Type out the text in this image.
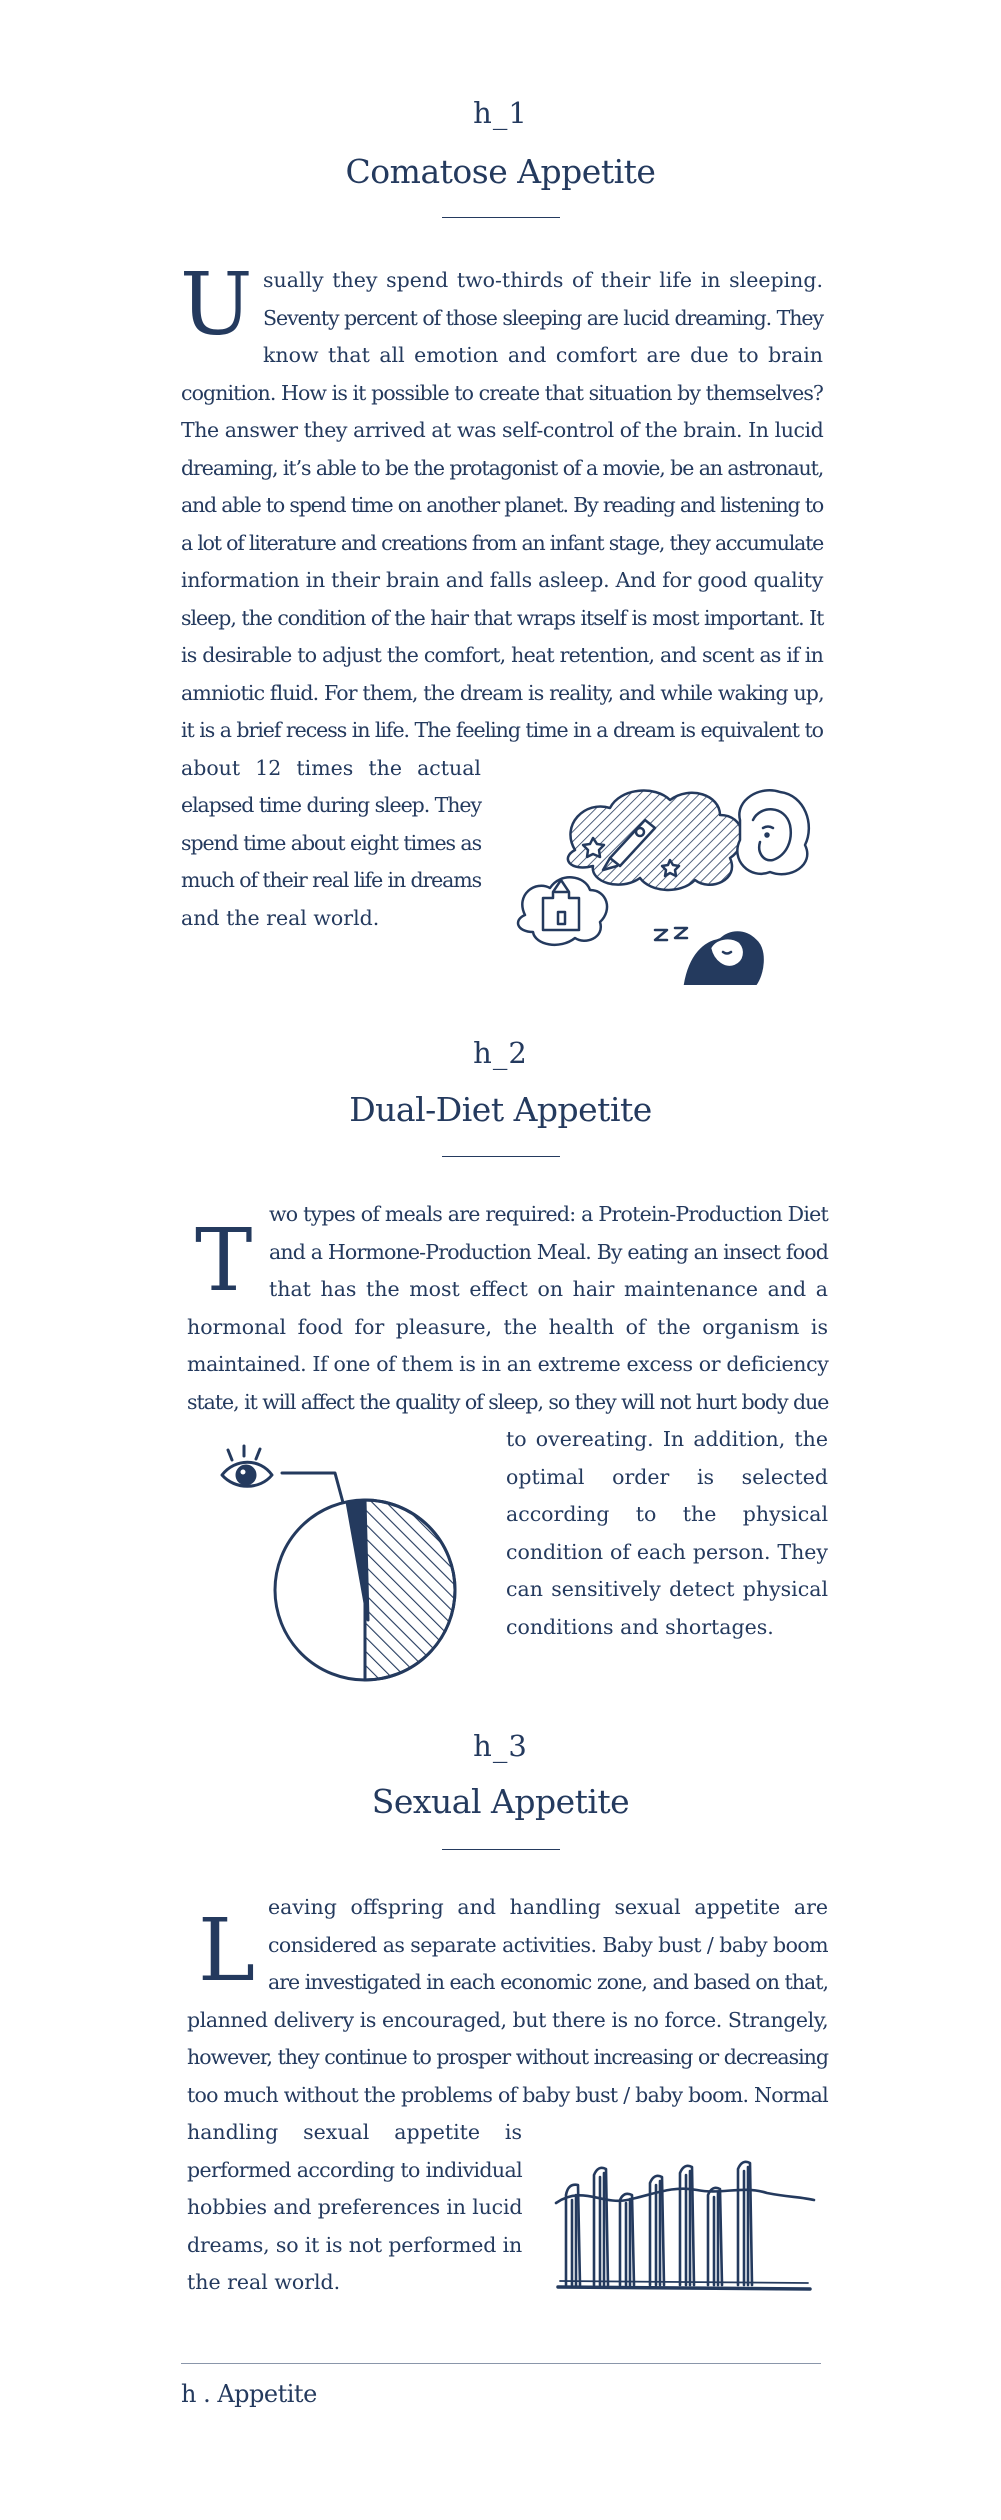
h_1
Comatose Appetite
U sually they spend two-thirds of their life in sleeping.
Seventy percent of those sleeping are lucid dreaming. They
know that all emotion and comfort are due to brain
cognition. How is it possible to create that situation by themselves?
The answer they arrived at was self-control of the brain. In lucid
dreaming, it’s able to be the protagonist of a movie, be an astronaut,
and able to spend time on another planet. By reading and listening to
a lot of literature and creations from an infant stage, they accumulate
information in their brain and falls asleep. And for good quality
sleep, the condition of the hair that wraps itself is most important. It
is desirable to adjust the comfort, heat retention, and scent as if in
amniotic fluid. For them, the dream is reality, and while waking up,
it is a brief recess in life. The feeling time in a dream is equivalent to
about 12 times the actual
elapsed time during sleep. They
spend time about eight times as
much of their real life in dreams
and the real world.
h_2
Dual-Diet Appetite
T wo types of meals are required: a Protein-Production Diet
and a Hormone-Production Meal. By eating an insect food
that has the most effect on hair maintenance and a
hormonal food for pleasure, the health of the organism is
maintained. If one of them is in an extreme excess or deficiency
state, it will affect the quality of sleep, so they will not hurt body due
to overeating. In addition, the
optimal order is selected
according to the physical
condition of each person. They
can sensitively detect physical
conditions and shortages.
h_3
Sexual Appetite
L eaving offspring and handling sexual appetite are
considered as separate activities. Baby bust / baby boom
are investigated in each economic zone, and based on that,
planned delivery is encouraged, but there is no force. Strangely,
however, they continue to prosper without increasing or decreasing
too much without the problems of baby bust / baby boom. Normal
handling sexual appetite is
performed according to individual
hobbies and preferences in lucid
dreams, so it is not performed in
the real world.
h . Appetite
